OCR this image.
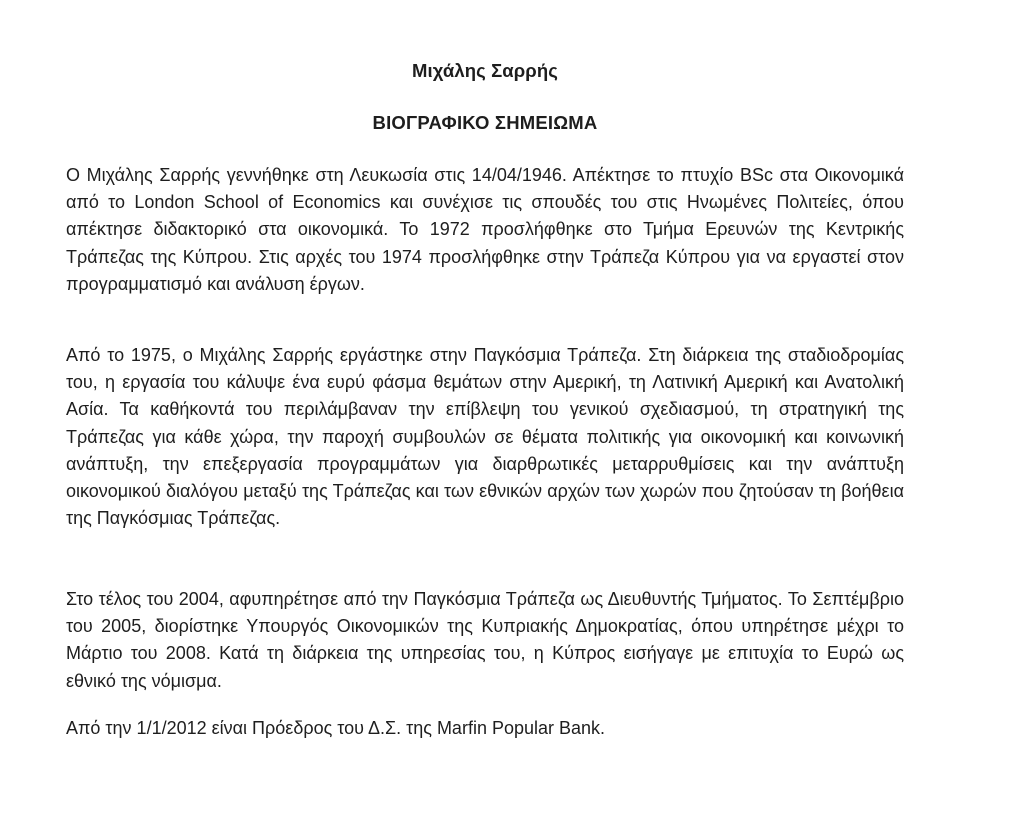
Μιχάλης Σαρρής
ΒΙΟΓΡΑΦΙΚΟ ΣΗΜΕΙΩΜΑ
Ο Μιχάλης Σαρρής γεννήθηκε στη Λευκωσία στις 14/04/1946. Απέκτησε το πτυχίο BSc στα Οικονομικά από το London School of Economics και συνέχισε τις σπουδές του στις Ηνωμένες Πολιτείες, όπου απέκτησε διδακτορικό στα οικονομικά. Το 1972 προσλήφθηκε στο Τμήμα Ερευνών της Κεντρικής Τράπεζας της Κύπρου. Στις αρχές του 1974 προσλήφθηκε στην Τράπεζα Κύπρου για να εργαστεί στον προγραμματισμό και ανάλυση έργων.
Από το 1975, ο Μιχάλης Σαρρής εργάστηκε στην Παγκόσμια Τράπεζα. Στη διάρκεια της σταδιοδρομίας του, η εργασία του κάλυψε ένα ευρύ φάσμα θεμάτων στην Αμερική, τη Λατινική Αμερική και Ανατολική Ασία. Τα καθήκοντά του περιλάμβαναν την επίβλεψη του γενικού σχεδιασμού, τη στρατηγική της Τράπεζας για κάθε χώρα, την παροχή συμβουλών σε θέματα πολιτικής για οικονομική και κοινωνική ανάπτυξη, την επεξεργασία προγραμμάτων για διαρθρωτικές μεταρρυθμίσεις και την ανάπτυξη οικονομικού διαλόγου μεταξύ της Τράπεζας και των εθνικών αρχών των χωρών που ζητούσαν τη βοήθεια της Παγκόσμιας Τράπεζας.
Στο τέλος του 2004, αφυπηρέτησε από την Παγκόσμια Τράπεζα ως Διευθυντής Τμήματος. Το Σεπτέμβριο του 2005, διορίστηκε Υπουργός Οικονομικών της Κυπριακής Δημοκρατίας, όπου υπηρέτησε μέχρι το Μάρτιο του 2008. Κατά τη διάρκεια της υπηρεσίας του, η Κύπρος εισήγαγε με επιτυχία το Ευρώ ως εθνικό της νόμισμα.
Από την 1/1/2012 είναι Πρόεδρος του Δ.Σ. της Marfin Popular Bank.
